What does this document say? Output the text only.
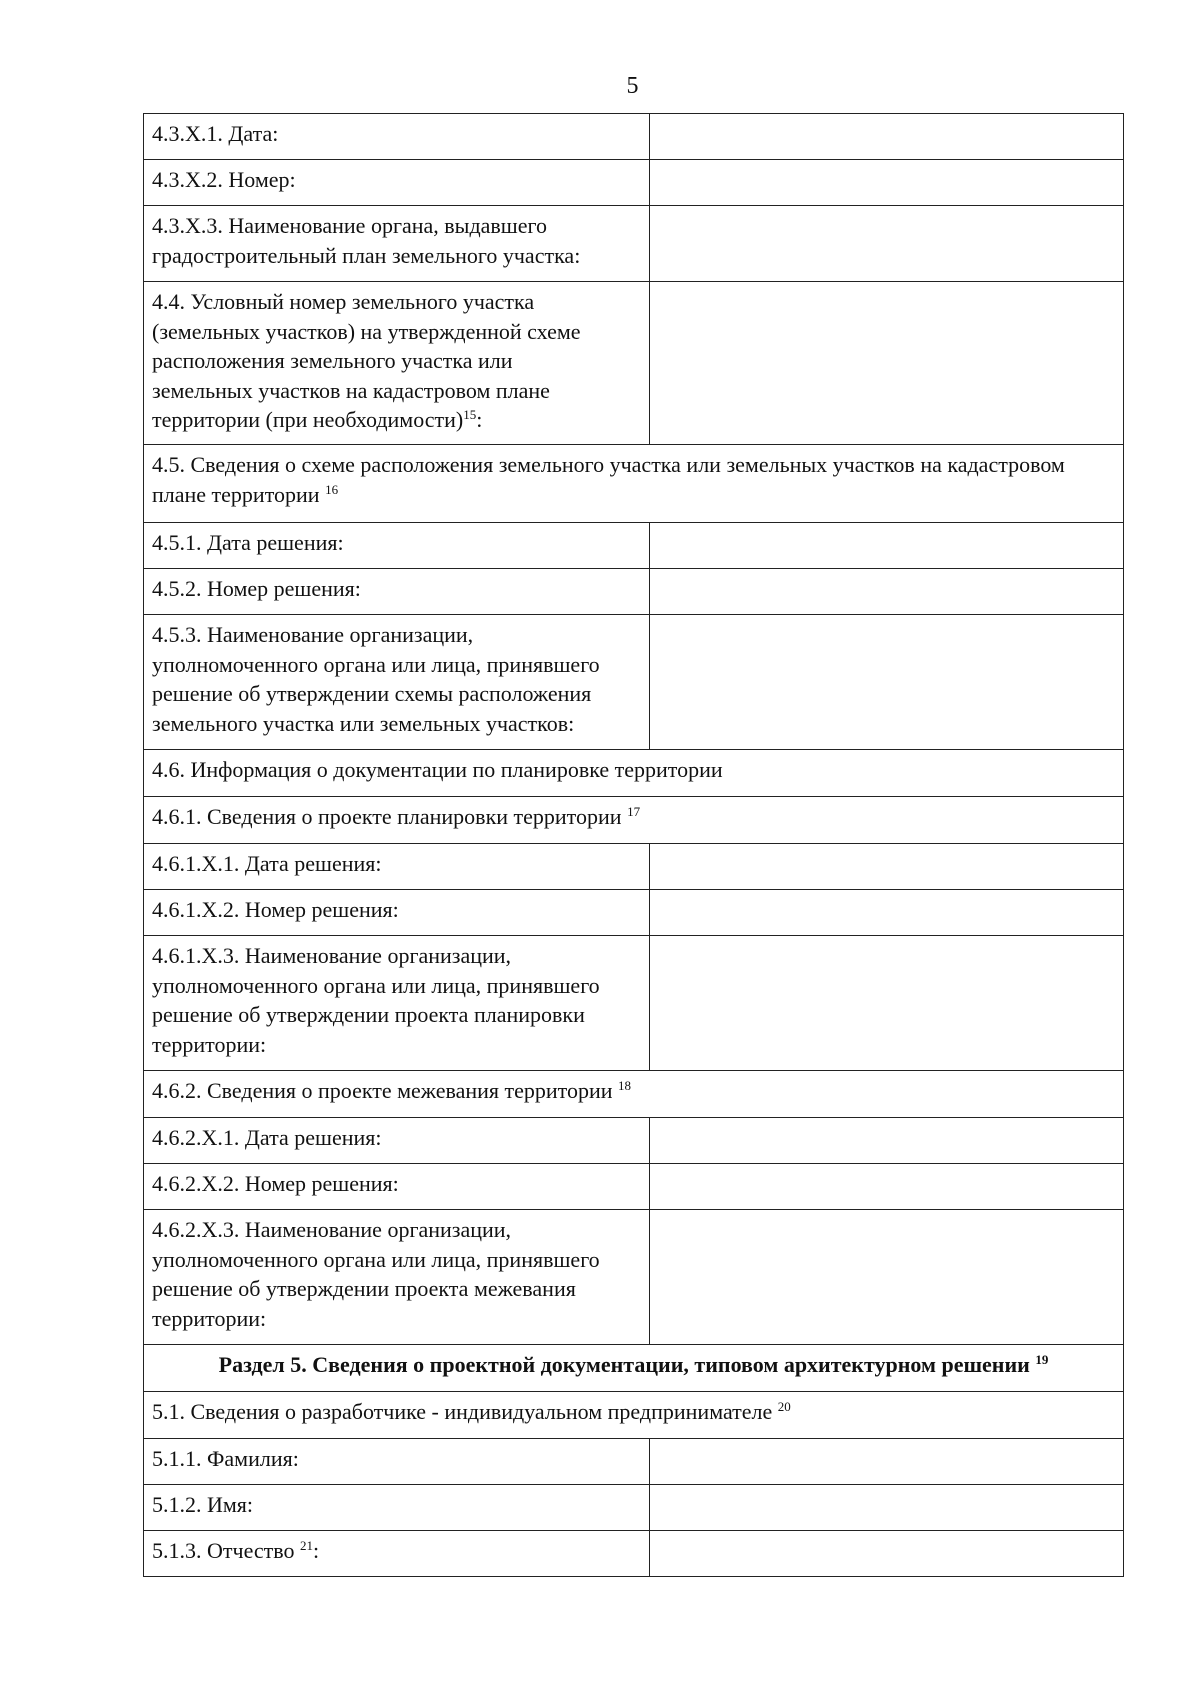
5
4.3.Х.1. Дата:	
4.3.Х.2. Номер:	
4.3.Х.3. Наименование органа, выдавшего
градостроительный план земельного участка:	
4.4. Условный номер земельного участка
(земельных участков) на утвержденной схеме
расположения земельного участка или
земельных участков на кадастровом плане
территории (при необходимости)$^{15}$:	
4.5. Сведения о схеме расположения земельного участка или земельных участков на кадастровом
плане территории $^{16}$
4.5.1. Дата решения:	
4.5.2. Номер решения:	
4.5.3. Наименование организации,
уполномоченного органа или лица, принявшего
решение об утверждении схемы расположения
земельного участка или земельных участков:	
4.6. Информация о документации по планировке территории	
4.6.1. Сведения о проекте планировки территории $^{17}$
4.6.1.Х.1. Дата решения:	
4.6.1.Х.2. Номер решения:	
4.6.1.Х.3. Наименование организации,
уполномоченного органа или лица, принявшего
решение об утверждении проекта планировки
территории:	
4.6.2. Сведения о проекте межевания территории $^{18}$
4.6.2.Х.1. Дата решения:	
4.6.2.Х.2. Номер решения:	
4.6.2.Х.3. Наименование организации,
уполномоченного органа или лица, принявшего
решение об утверждении проекта межевания
территории:	
Раздел 5. Сведения о проектной документации, типовом архитектурном решении $^{19}$
5.1. Сведения о разработчике - индивидуальном предпринимателе $^{20}$
5.1.1. Фамилия:	
5.1.2. Имя:	
5.1.3. Отчество $^{21}$:	
